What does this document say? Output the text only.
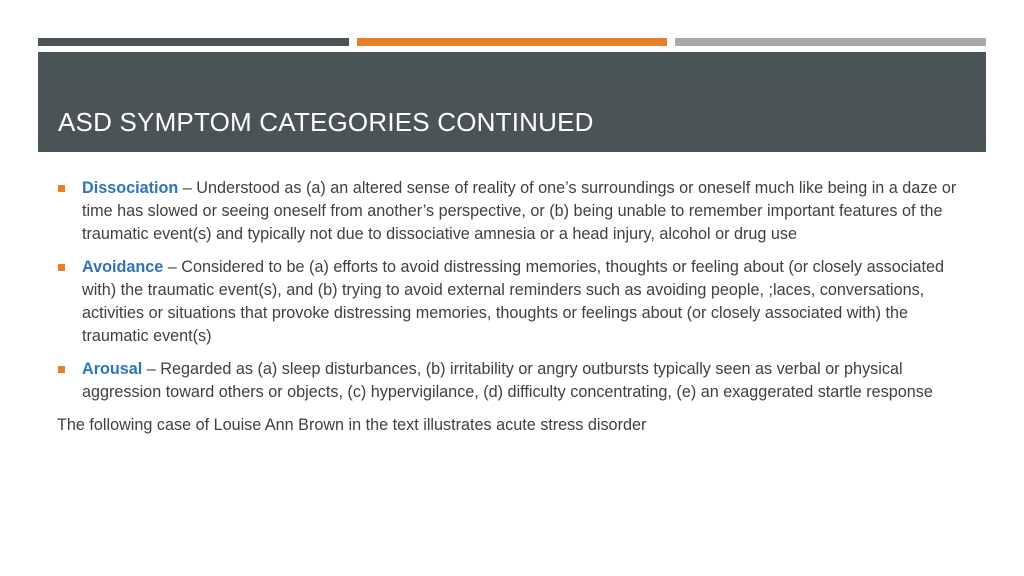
ASD SYMPTOM CATEGORIES CONTINUED
Dissociation – Understood as (a) an altered sense of reality of one’s surroundings or oneself much like being in a daze or time has slowed or seeing oneself from another’s perspective, or (b) being unable to remember important features of the traumatic event(s) and typically not due to dissociative amnesia or a head injury, alcohol or drug use
Avoidance – Considered to be (a) efforts to avoid distressing memories, thoughts or feeling about (or closely associated with) the traumatic event(s), and (b) trying to avoid external reminders such as avoiding people, ;laces, conversations, activities or situations that provoke distressing memories, thoughts or feelings about (or closely associated with) the traumatic event(s)
Arousal – Regarded as (a) sleep disturbances, (b) irritability or angry outbursts typically seen as verbal or physical aggression toward others or objects, (c) hypervigilance, (d) difficulty concentrating, (e) an exaggerated startle response

The following case of Louise Ann Brown in the text illustrates acute stress disorder
